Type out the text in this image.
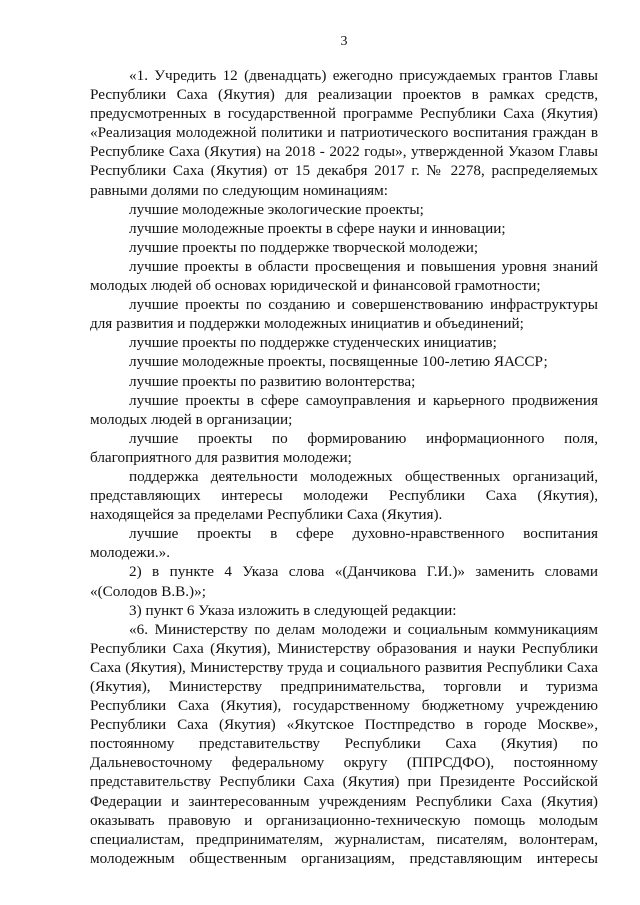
3

«1. Учредить 12 (двенадцать) ежегодно присуждаемых грантов Главы Республики Саха (Якутия) для реализации проектов в рамках средств, предусмотренных в государственной программе Республики Саха (Якутия) «Реализация молодежной политики и патриотического воспитания граждан в Республике Саха (Якутия) на 2018 - 2022 годы», утвержденной Указом Главы Республики Саха (Якутия) от 15 декабря 2017 г. № 2278, распределяемых равными долями по следующим номинациям:

лучшие молодежные экологические проекты;

лучшие молодежные проекты в сфере науки и инновации;

лучшие проекты по поддержке творческой молодежи;

лучшие проекты в области просвещения и повышения уровня знаний молодых людей об основах юридической и финансовой грамотности;

лучшие проекты по созданию и совершенствованию инфраструктуры для развития и поддержки молодежных инициатив и объединений;

лучшие проекты по поддержке студенческих инициатив;

лучшие молодежные проекты, посвященные 100-летию ЯАССР;

лучшие проекты по развитию волонтерства;

лучшие проекты в сфере самоуправления и карьерного продвижения молодых людей в организации;

лучшие проекты по формированию информационного поля, благоприятного для развития молодежи;

поддержка деятельности молодежных общественных организаций, представляющих интересы молодежи Республики Саха (Якутия), находящейся за пределами Республики Саха (Якутия).

лучшие проекты в сфере духовно-нравственного воспитания молодежи.».

2) в пункте 4 Указа слова «(Данчикова Г.И.)» заменить словами «(Солодов В.В.)»;

3) пункт 6 Указа изложить в следующей редакции:

«6. Министерству по делам молодежи и социальным коммуникациям Республики Саха (Якутия), Министерству образования и науки Республики Саха (Якутия), Министерству труда и социального развития Республики Саха (Якутия), Министерству предпринимательства, торговли и туризма Республики Саха (Якутия), государственному бюджетному учреждению Республики Саха (Якутия) «Якутское Постпредство в городе Москве», постоянному представительству Республики Саха (Якутия) по Дальневосточному федеральному округу (ППРСДФО), постоянному представительству Республики Саха (Якутия) при Президенте Российской Федерации и заинтересованным учреждениям Республики Саха (Якутия) оказывать правовую и организационно-техническую помощь молодым специалистам, предпринимателям, журналистам, писателям, волонтерам, молодежным общественным организациям, представляющим интересы
